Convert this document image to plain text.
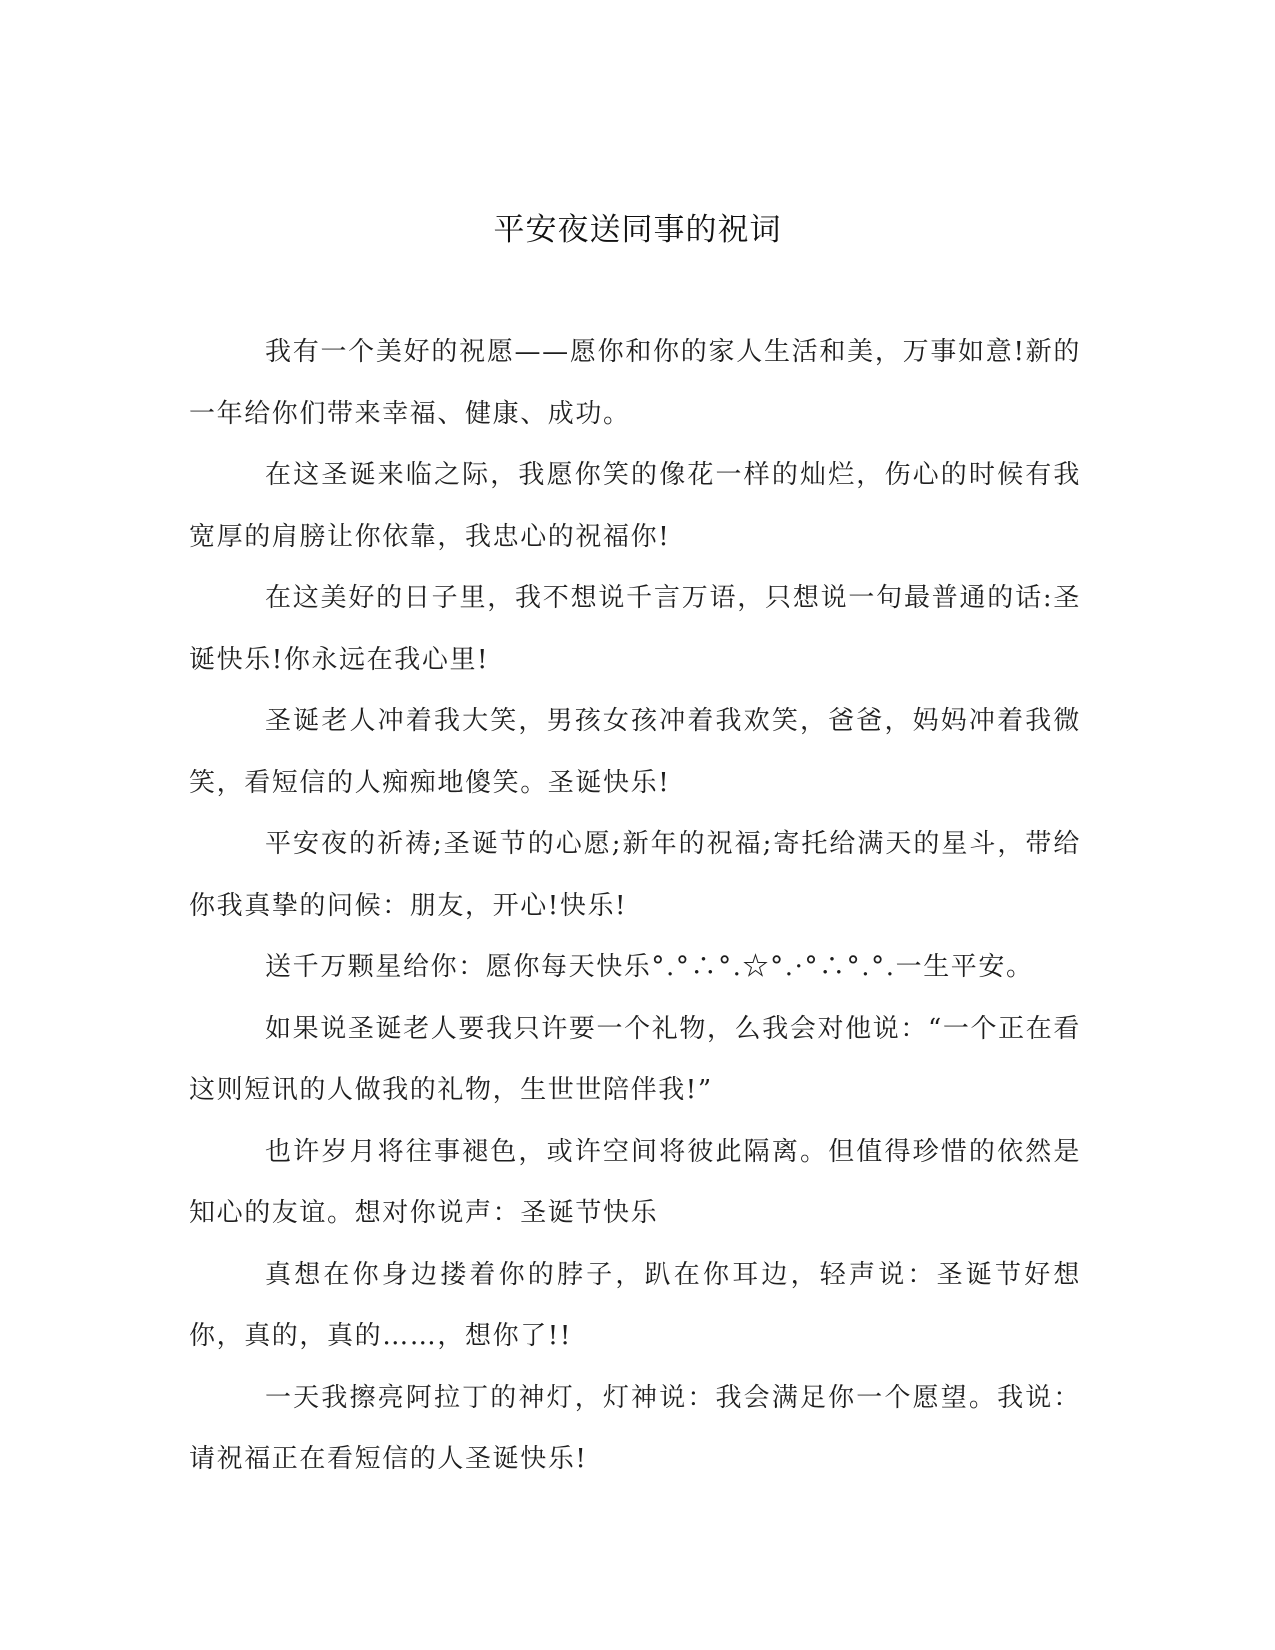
平安夜送同事的祝词

我有一个美好的祝愿——愿你和你的家人生活和美，万事如意!新的一年给你们带来幸福、健康、成功。

在这圣诞来临之际，我愿你笑的像花一样的灿烂，伤心的时候有我宽厚的肩膀让你依靠，我忠心的祝福你!

在这美好的日子里，我不想说千言万语，只想说一句最普通的话:圣诞快乐!你永远在我心里!

圣诞老人冲着我大笑，男孩女孩冲着我欢笑，爸爸，妈妈冲着我微笑，看短信的人痴痴地傻笑。圣诞快乐!

平安夜的祈祷;圣诞节的心愿;新年的祝福;寄托给满天的星斗，带给你我真挚的问候：朋友，开心!快乐!

送千万颗星给你：愿你每天快乐°.°∴°.☆°.·°∴°.°.一生平安。

如果说圣诞老人要我只许要一个礼物，么我会对他说：“一个正在看这则短讯的人做我的礼物，生世世陪伴我!”

也许岁月将往事褪色，或许空间将彼此隔离。但值得珍惜的依然是知心的友谊。想对你说声：圣诞节快乐

真想在你身边搂着你的脖子，趴在你耳边，轻声说：圣诞节好想你，真的，真的……，想你了!!

一天我擦亮阿拉丁的神灯，灯神说：我会满足你一个愿望。我说：请祝福正在看短信的人圣诞快乐!
